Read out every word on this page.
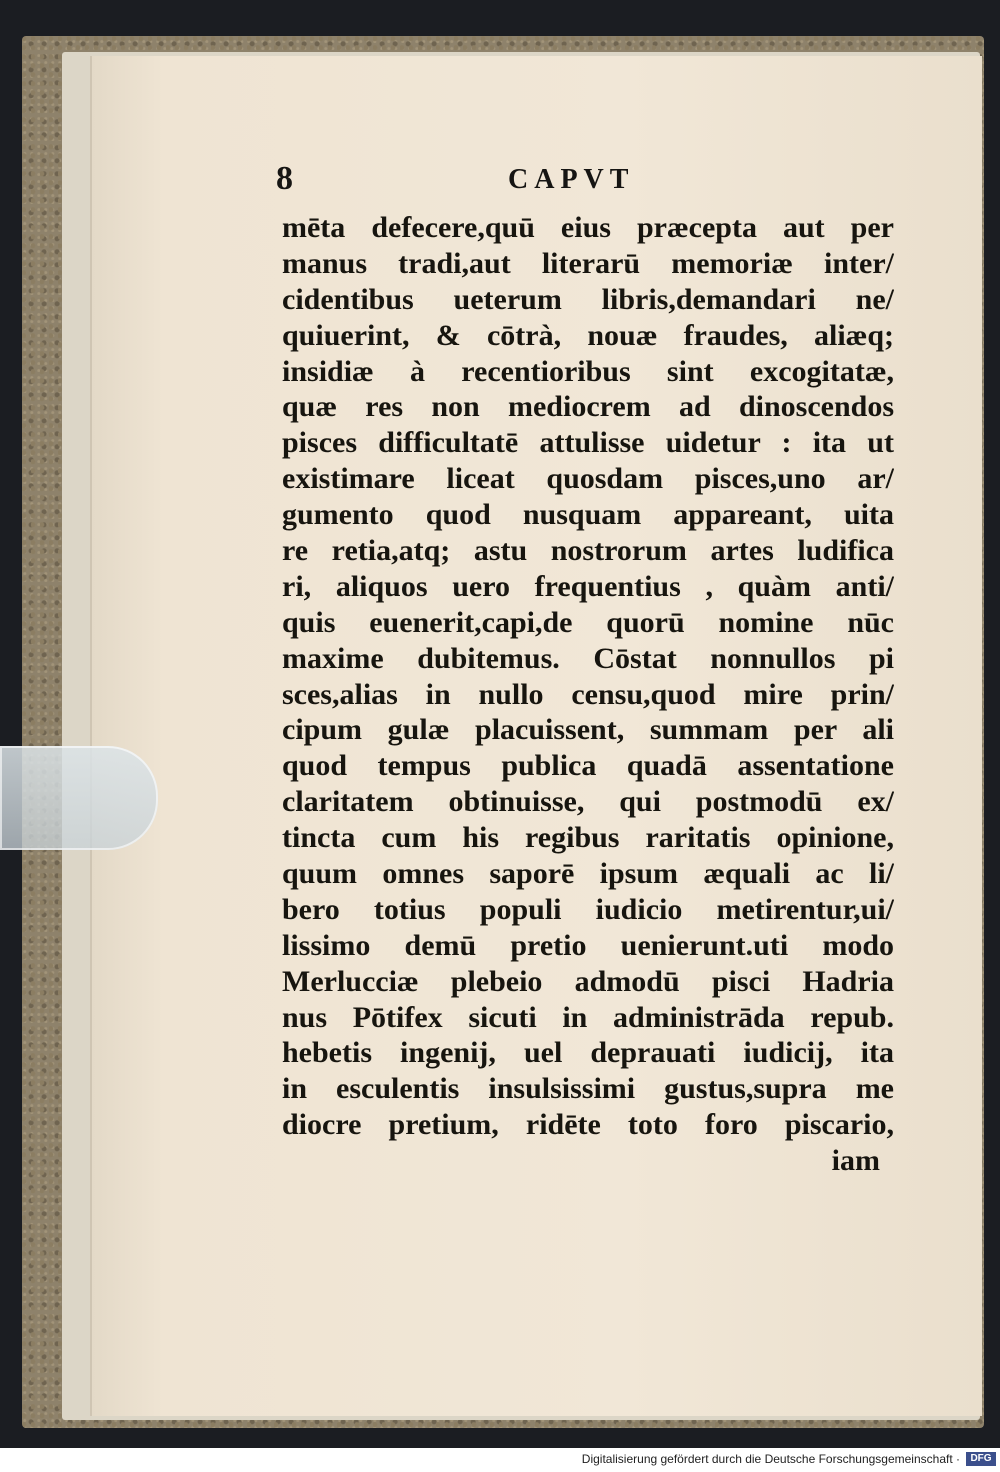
8	CAPVT
mēta defecere,quū eius præcepta aut per
manus tradi,aut literarū memoriæ inter/
cidentibus ueterum libris,demandari ne/
quiuerint, & cōtrà, nouæ fraudes, aliæq;
insidiæ à recentioribus sint excogitatæ,
quæ res non mediocrem ad dinoscendos
pisces difficultatē attulisse uidetur : ita ut
existimare liceat quosdam pisces,uno ar/
gumento quod nusquam appareant, uita
re retia,atq; astu nostrorum artes ludifica
ri, aliquos uero frequentius , quàm anti/
quis euenerit,capi,de quorū nomine nūc
maxime dubitemus. Cōstat nonnullos pi
sces,alias in nullo censu,quod mire prin/
cipum gulæ placuissent, summam per ali
quod tempus publica quadā assentatione
claritatem obtinuisse, qui postmodū ex/
tincta cum his regibus raritatis opinione,
quum omnes saporē ipsum æquali ac li/
bero totius populi iudicio metirentur,ui/
lissimo demū pretio uenierunt.uti modo
Merlucciæ plebeio admodū pisci Hadria
nus Pōtifex sicuti in administrāda repub.
hebetis ingenij, uel deprauati iudicij, ita
in esculentis insulsissimi gustus,supra me
diocre pretium, ridēte toto foro piscario,
iam
Digitalisierung gefördert durch die Deutsche Forschungsgemeinschaft ·	DFG
